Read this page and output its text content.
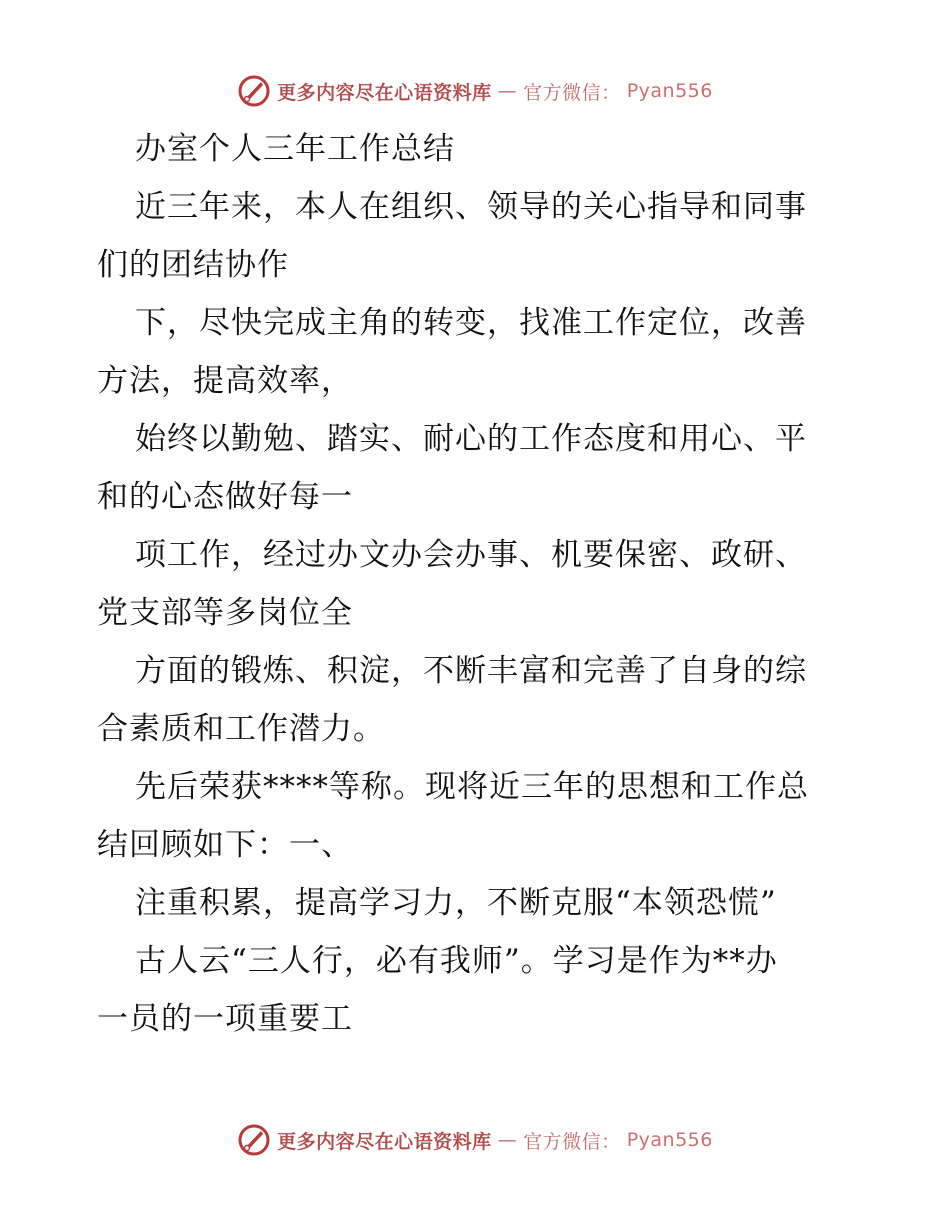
更多内容尽在心语资料库 — 官方微信： Pyan556
办室个人三年工作总结
近三年来，本人在组织、领导的关心指导和同事
们的团结协作
下，尽快完成主角的转变，找准工作定位，改善
方法，提高效率，
始终以勤勉、踏实、耐心的工作态度和用心、平
和的心态做好每一
项工作，经过办文办会办事、机要保密、政研、
党支部等多岗位全
方面的锻炼、积淀，不断丰富和完善了自身的综
合素质和工作潜力。
先后荣获****等称。现将近三年的思想和工作总
结回顾如下：一、
注重积累，提高学习力，不断克服“本领恐慌”
古人云“三人行，必有我师”。学习是作为**办
一员的一项重要工
更多内容尽在心语资料库 — 官方微信： Pyan556
